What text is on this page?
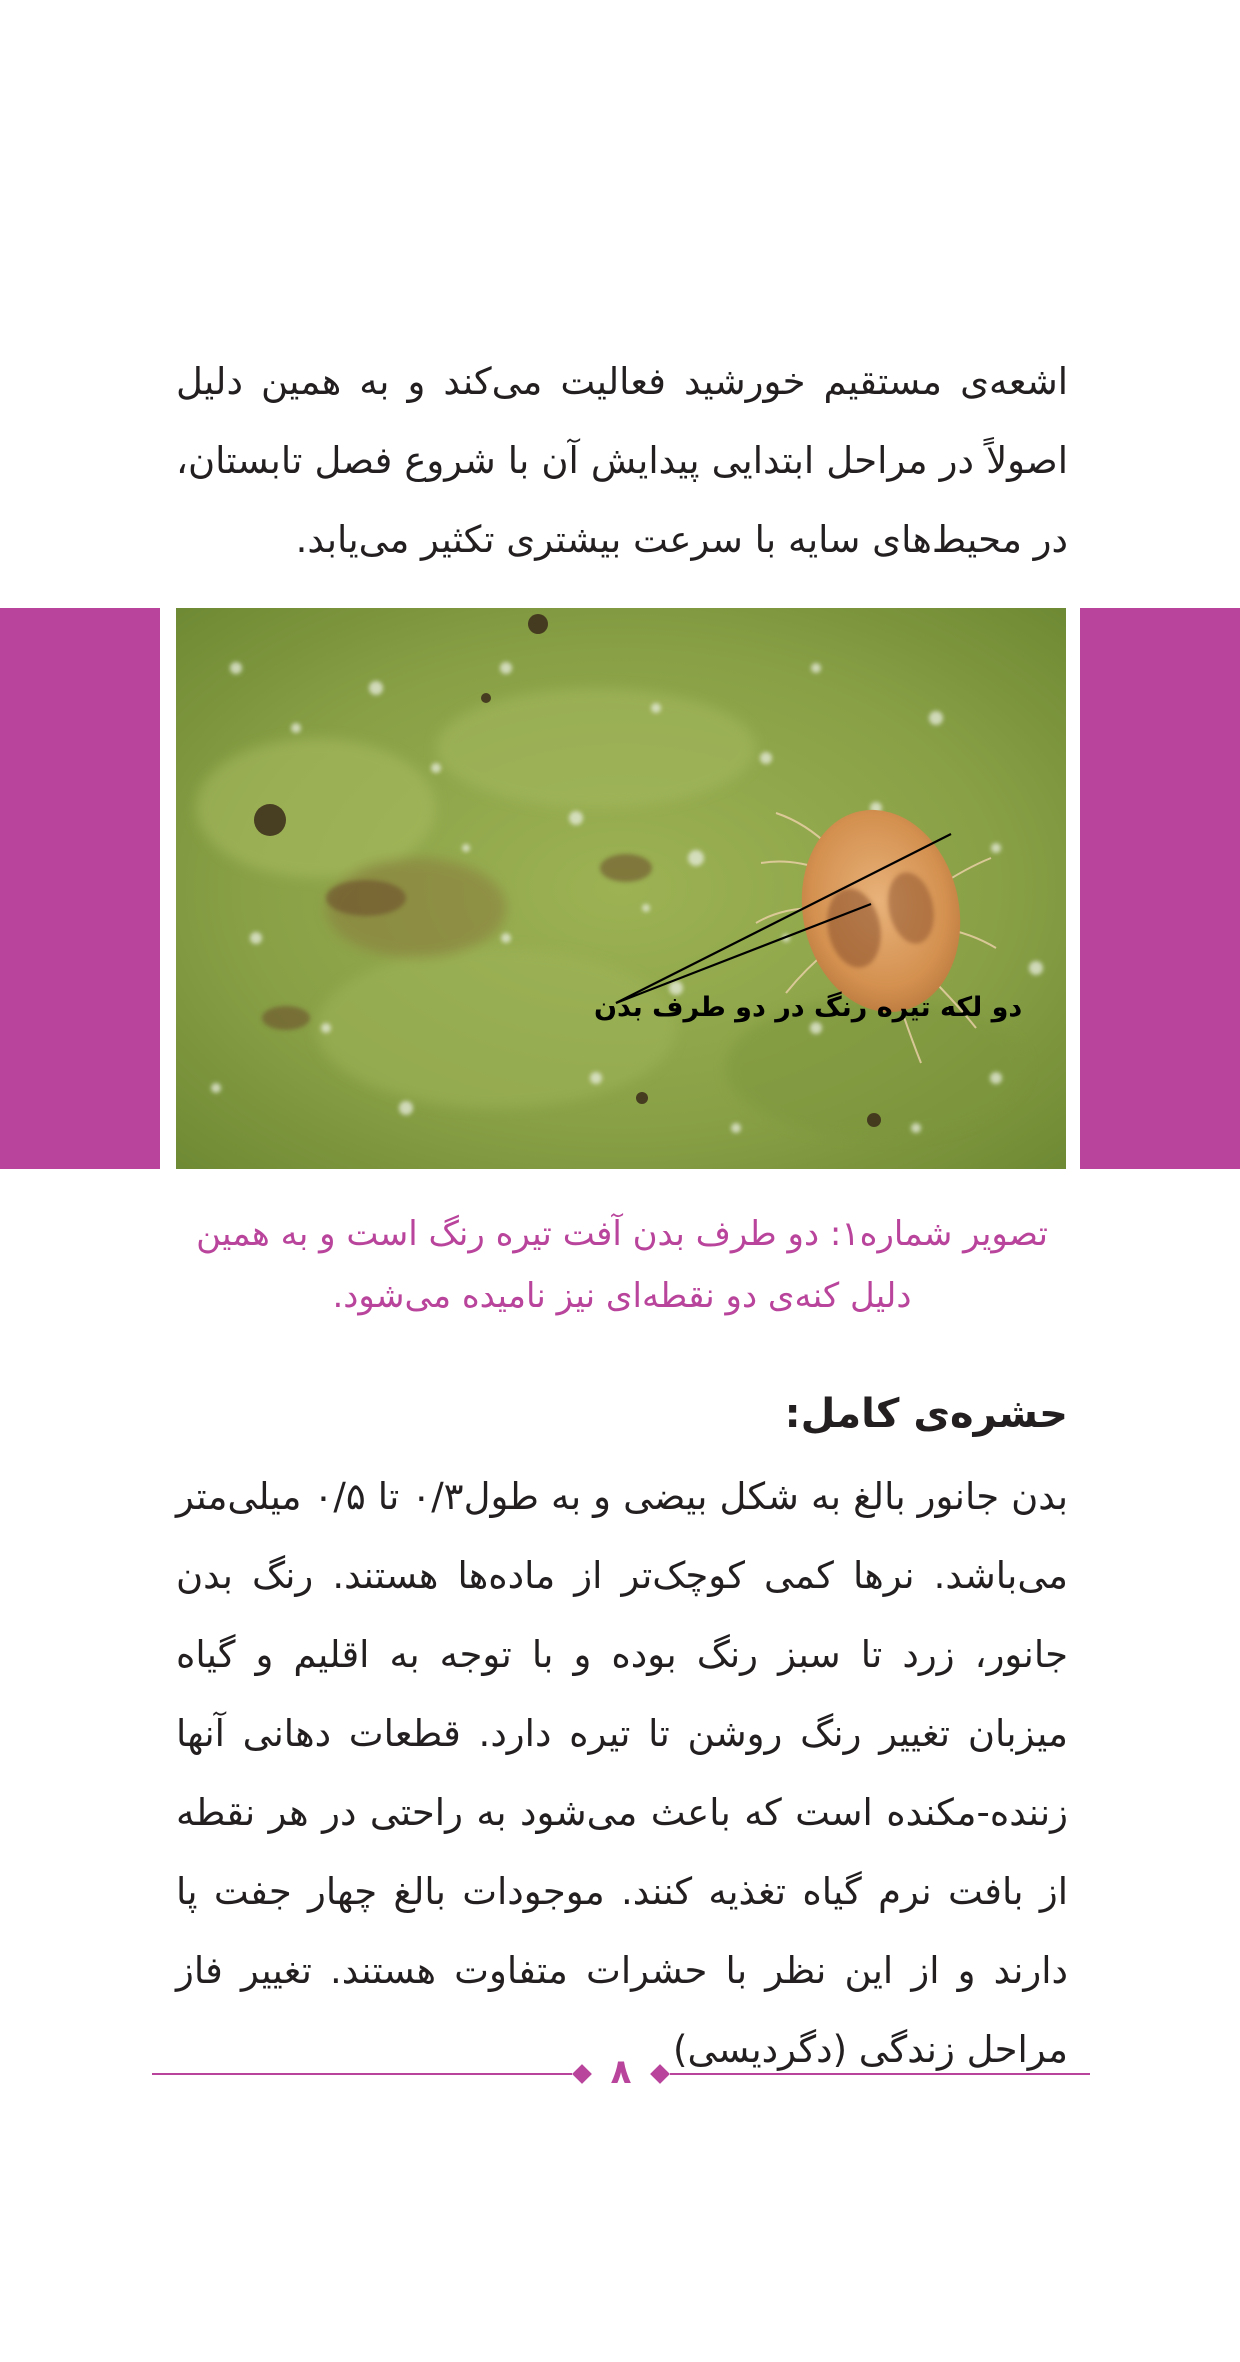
اشعه‌ی مستقیم خورشید فعالیت می‌کند و به همین دلیل اصولاً در مراحل ابتدایی پیدایش آن با شروع فصل تابستان، در محیط‌های سایه با سرعت بیشتری تکثیر می‌یابد.

دو لکه تیره رنگ در دو طرف بدن

تصویر شماره۱: دو طرف بدن آفت تیره رنگ است و به همین دلیل کنه‌ی دو نقطه‌ای نیز نامیده می‌شود.

حشره‌ی کامل:

بدن جانور بالغ به شکل بیضی و به طول۰/۳ تا ۰/۵ میلی‌متر می‌باشد. نرها کمی کوچک‌تر از ماده‌ها هستند. رنگ بدن جانور، زرد تا سبز رنگ بوده و با توجه به اقلیم و گیاه میزبان تغییر رنگ روشن تا تیره دارد. قطعات دهانی آنها زننده-مکنده است که باعث می‌شود به راحتی در هر نقطه از بافت نرم گیاه تغذیه کنند. موجودات بالغ چهار جفت پا دارند و از این نظر با حشرات متفاوت هستند. تغییر فاز مراحل زندگی (دگردیسی)

۸
